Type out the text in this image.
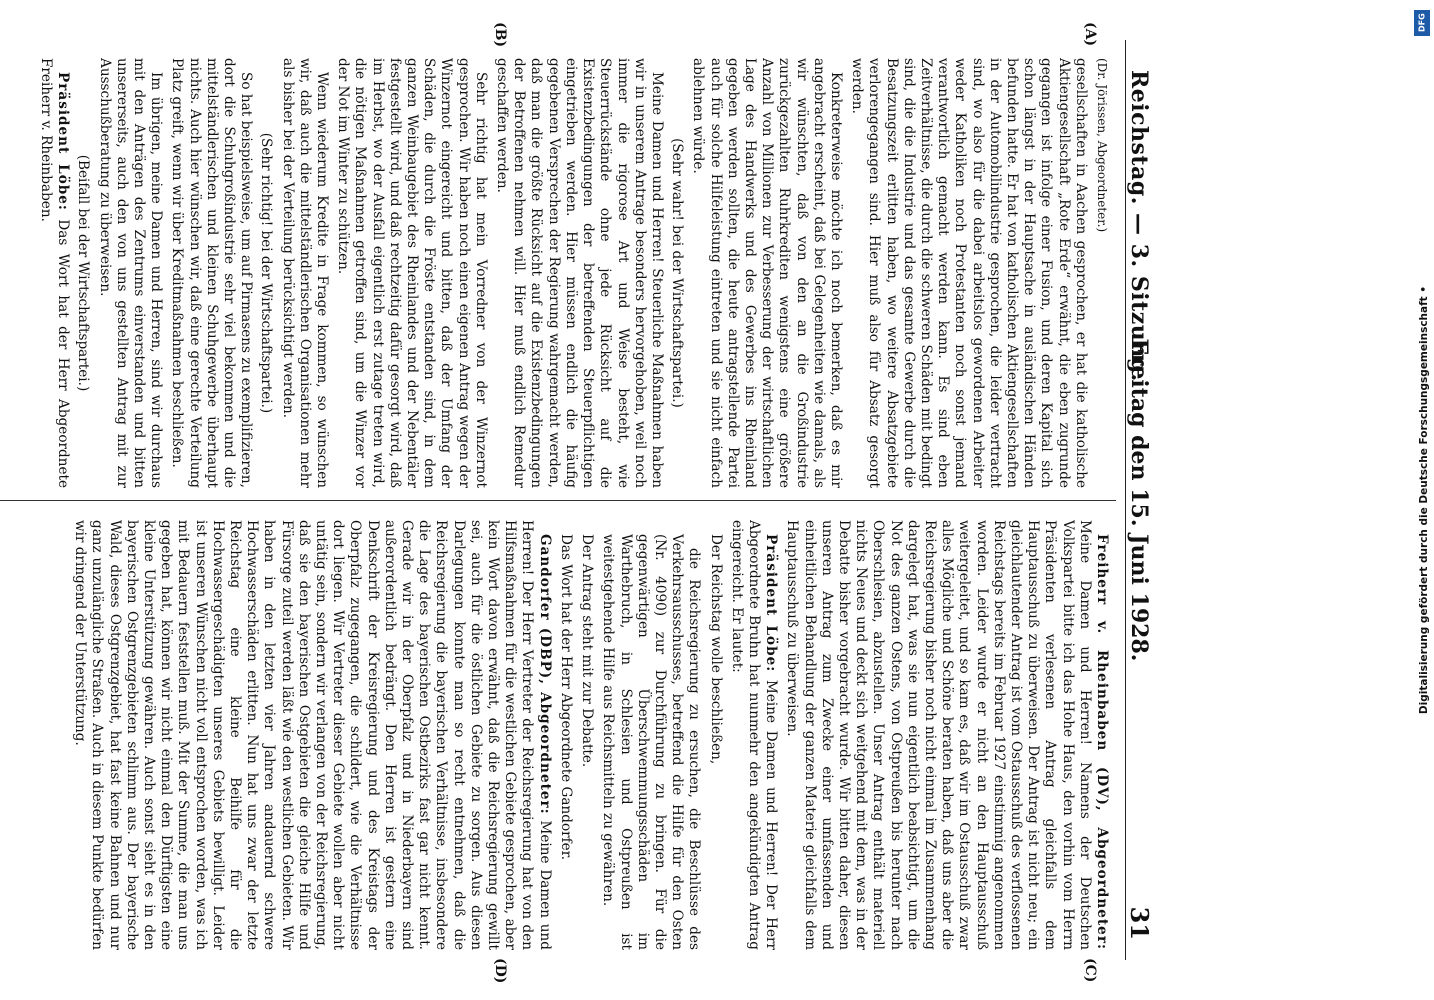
Reichstag. — 3. Sitzung.
Freitag den 15. Juni 1928.
31
(A)
(B)
(C)
(D)

(Dr. Jörissen, Abgeordneter.)

gesellschaften in Aachen gesprochen, er hat die katholische Aktiengesellschaft „Rote Erde“ erwähnt, die eben zugrunde gegangen ist infolge einer Fusion, und deren Kapital sich schon längst in der Hauptsache in ausländischen Händen befunden hatte. Er hat von katholischen Aktiengesellschaften in der Automobilindustrie gesprochen, die leider vertracht sind, wo also für die dabei arbeitslos gewordenen Arbeiter weder Katholiken noch Protestanten noch sonst jemand verantwortlich gemacht werden kann. Es sind eben Zeitverhältnisse, die durch die schweren Schäden mit bedingt sind, die die Industrie und das gesamte Gewerbe durch die Besatzungszeit erlitten haben, wo weitere Absatzgebiete verlorengegangen sind. Hier muß also für Absatz gesorgt werden.

Konkreterweise möchte ich noch bemerken, daß es mir angebracht erscheint, daß bei Gelegenheiten wie damals, als wir wünschten, daß von den an die Großindustrie zurückgezahlten Ruhrkrediten wenigstens eine größere Anzahl von Millionen zur Verbesserung der wirtschaftlichen Lage des Handwerks und des Gewerbes ins Rheinland gegeben werden sollten, die heute antragstellende Partei auch für solche Hilfeleistung eintreten und sie nicht einfach ablehnen würde.

(Sehr wahr! bei der Wirtschaftspartei.)

Meine Damen und Herren! Steuerliche Maßnahmen haben wir in unserem Antrage besonders hervorgehoben, weil noch immer die rigorose Art und Weise besteht, wie Steuerrückstände ohne jede Rücksicht auf die Existenzbedingungen der betreffenden Steuerpflichtigen eingetrieben werden. Hier müssen endlich die häufig gegebenen Versprechen der Regierung wahrgemacht werden, daß man die größte Rücksicht auf die Existenzbedingungen der Betroffenen nehmen will. Hier muß endlich Remedur geschaffen werden.

Sehr richtig hat mein Vorredner von der Winzernot gesprochen. Wir haben noch einen eigenen Antrag wegen der Winzernot eingereicht und bitten, daß der Umfang der Schäden, die durch die Fröste entstanden sind, in dem ganzen Weinbaugebiet des Rheinlandes und der Nebentäler festgestellt wird, und daß rechtzeitig dafür gesorgt wird, daß im Herbst, wo der Ausfall eigentlich erst zutage treten wird, die nötigen Maßnahmen getroffen sind, um die Winzer vor der Not im Winter zu schützen.

Wenn wiederum Kredite in Frage kommen, so wünschen wir, daß auch die mittelständlerischen Organisationen mehr als bisher bei der Verteilung berücksichtigt werden.

(Sehr richtig! bei der Wirtschaftspartei.)

So hat beispielsweise, um auf Pirmasens zu exemplifizieren, dort die Schuhgroßindustrie sehr viel bekommen und die mittelständlerischen und kleinen Schuhgewerbe überhaupt nichts. Auch hier wünschen wir, daß eine gerechte Verteilung Platz greift, wenn wir über Kreditmaßnahmen beschließen.

Im übrigen, meine Damen und Herren, sind wir durchaus mit den Anträgen des Zentrums einverstanden und bitten unsererseits, auch den von uns gestellten Antrag mit zur Ausschußberatung zu überweisen.

(Beifall bei der Wirtschaftspartei.)

Präsident Löbe: Das Wort hat der Herr Abgeordnete Freiherr v. Rheinbaben.

Freiherr v. Rheinbaben (DV), Abgeordneter: Meine Damen und Herren! Namens der Deutschen Volkspartei bitte ich das Hohe Haus, den vorhin vom Herrn Präsidenten verlesenen Antrag gleichfalls dem Hauptausschuß zu überweisen. Der Antrag ist nicht neu; ein gleichlautender Antrag ist vom Ostausschuß des verflossenen Reichstags bereits im Februar 1927 einstimmig angenommen worden. Leider wurde er nicht an den Hauptausschuß weitergeleitet, und so kam es, daß wir im Ostausschuß zwar alles Mögliche und Schöne beraten haben, daß uns aber die Reichsregierung bisher noch nicht einmal im Zusammenhang dargelegt hat, was sie nun eigentlich beabsichtigt, um die Not des ganzen Ostens, von Ostpreußen bis herunter nach Oberschlesien, abzustellen. Unser Antrag enthält materiell nichts Neues und deckt sich weitgehend mit dem, was in der Debatte bisher vorgebracht wurde. Wir bitten daher, diesen unseren Antrag zum Zwecke einer umfassenden und einheitlichen Behandlung der ganzen Materie gleichfalls dem Hauptausschuß zu überweisen.

Präsident Löbe: Meine Damen und Herren! Der Herr Abgeordnete Bruhn hat nunmehr den angekündigten Antrag eingereicht. Er lautet:

Der Reichstag wolle beschließen,

die Reichsregierung zu ersuchen, die Beschlüsse des Verkehrsausschusses, betreffend die Hilfe für den Osten (Nr. 4090) zur Durchführung zu bringen. Für die gegenwärtigen Überschwemmungsschäden im Warthebruch, in Schlesien und Ostpreußen ist weitestgehende Hilfe aus Reichsmitteln zu gewähren.

Der Antrag steht mit zur Debatte.

Das Wort hat der Herr Abgeordnete Gandorfer.

Gandorfer (DBP), Abgeordneter: Meine Damen und Herren! Der Herr Vertreter der Reichsregierung hat von den Hilfsmaßnahmen für die westlichen Gebiete gesprochen, aber kein Wort davon erwähnt, daß die Reichsregierung gewillt sei, auch für die östlichen Gebiete zu sorgen. Aus diesen Darlegungen konnte man so recht entnehmen, daß die Reichsregierung die bayerischen Verhältnisse, insbesondere die Lage des bayerischen Ostbezirks fast gar nicht kennt. Gerade wir in der Oberpfalz und in Niederbayern sind außerordentlich bedrängt. Den Herren ist gestern eine Denkschrift der Kreisregierung und des Kreistags der Oberpfalz zugegangen, die schildert, wie die Verhältnisse dort liegen. Wir Vertreter dieser Gebiete wollen aber nicht untätig sein, sondern wir verlangen von der Reichsregierung, daß sie den bayerischen Ostgebieten die gleiche Hilfe und Fürsorge zuteil werden läßt wie den westlichen Gebieten. Wir haben in den letzten vier Jahren andauernd schwere Hochwasserschäden erlitten. Nun hat uns zwar der letzte Reichstag eine kleine Beihilfe für die Hochwassergeschädigten unseres Gebiets bewilligt. Leider ist unseren Wünschen nicht voll entsprochen worden, was ich mit Bedauern feststellen muß. Mit der Summe, die man uns gegeben hat, können wir nicht einmal den Dürftigsten eine kleine Unterstützung gewähren. Auch sonst sieht es in den bayerischen Ostgrenzgebieten schlimm aus. Der bayerische Wald, dieses Ostgrenzgebiet, hat fast keine Bahnen und nur ganz unzulängliche Straßen. Auch in diesem Punkte bedürfen wir dringend der Unterstützung.

DFG
Digitalisierung gefördert durch die Deutsche Forschungsgemeinschaft •
